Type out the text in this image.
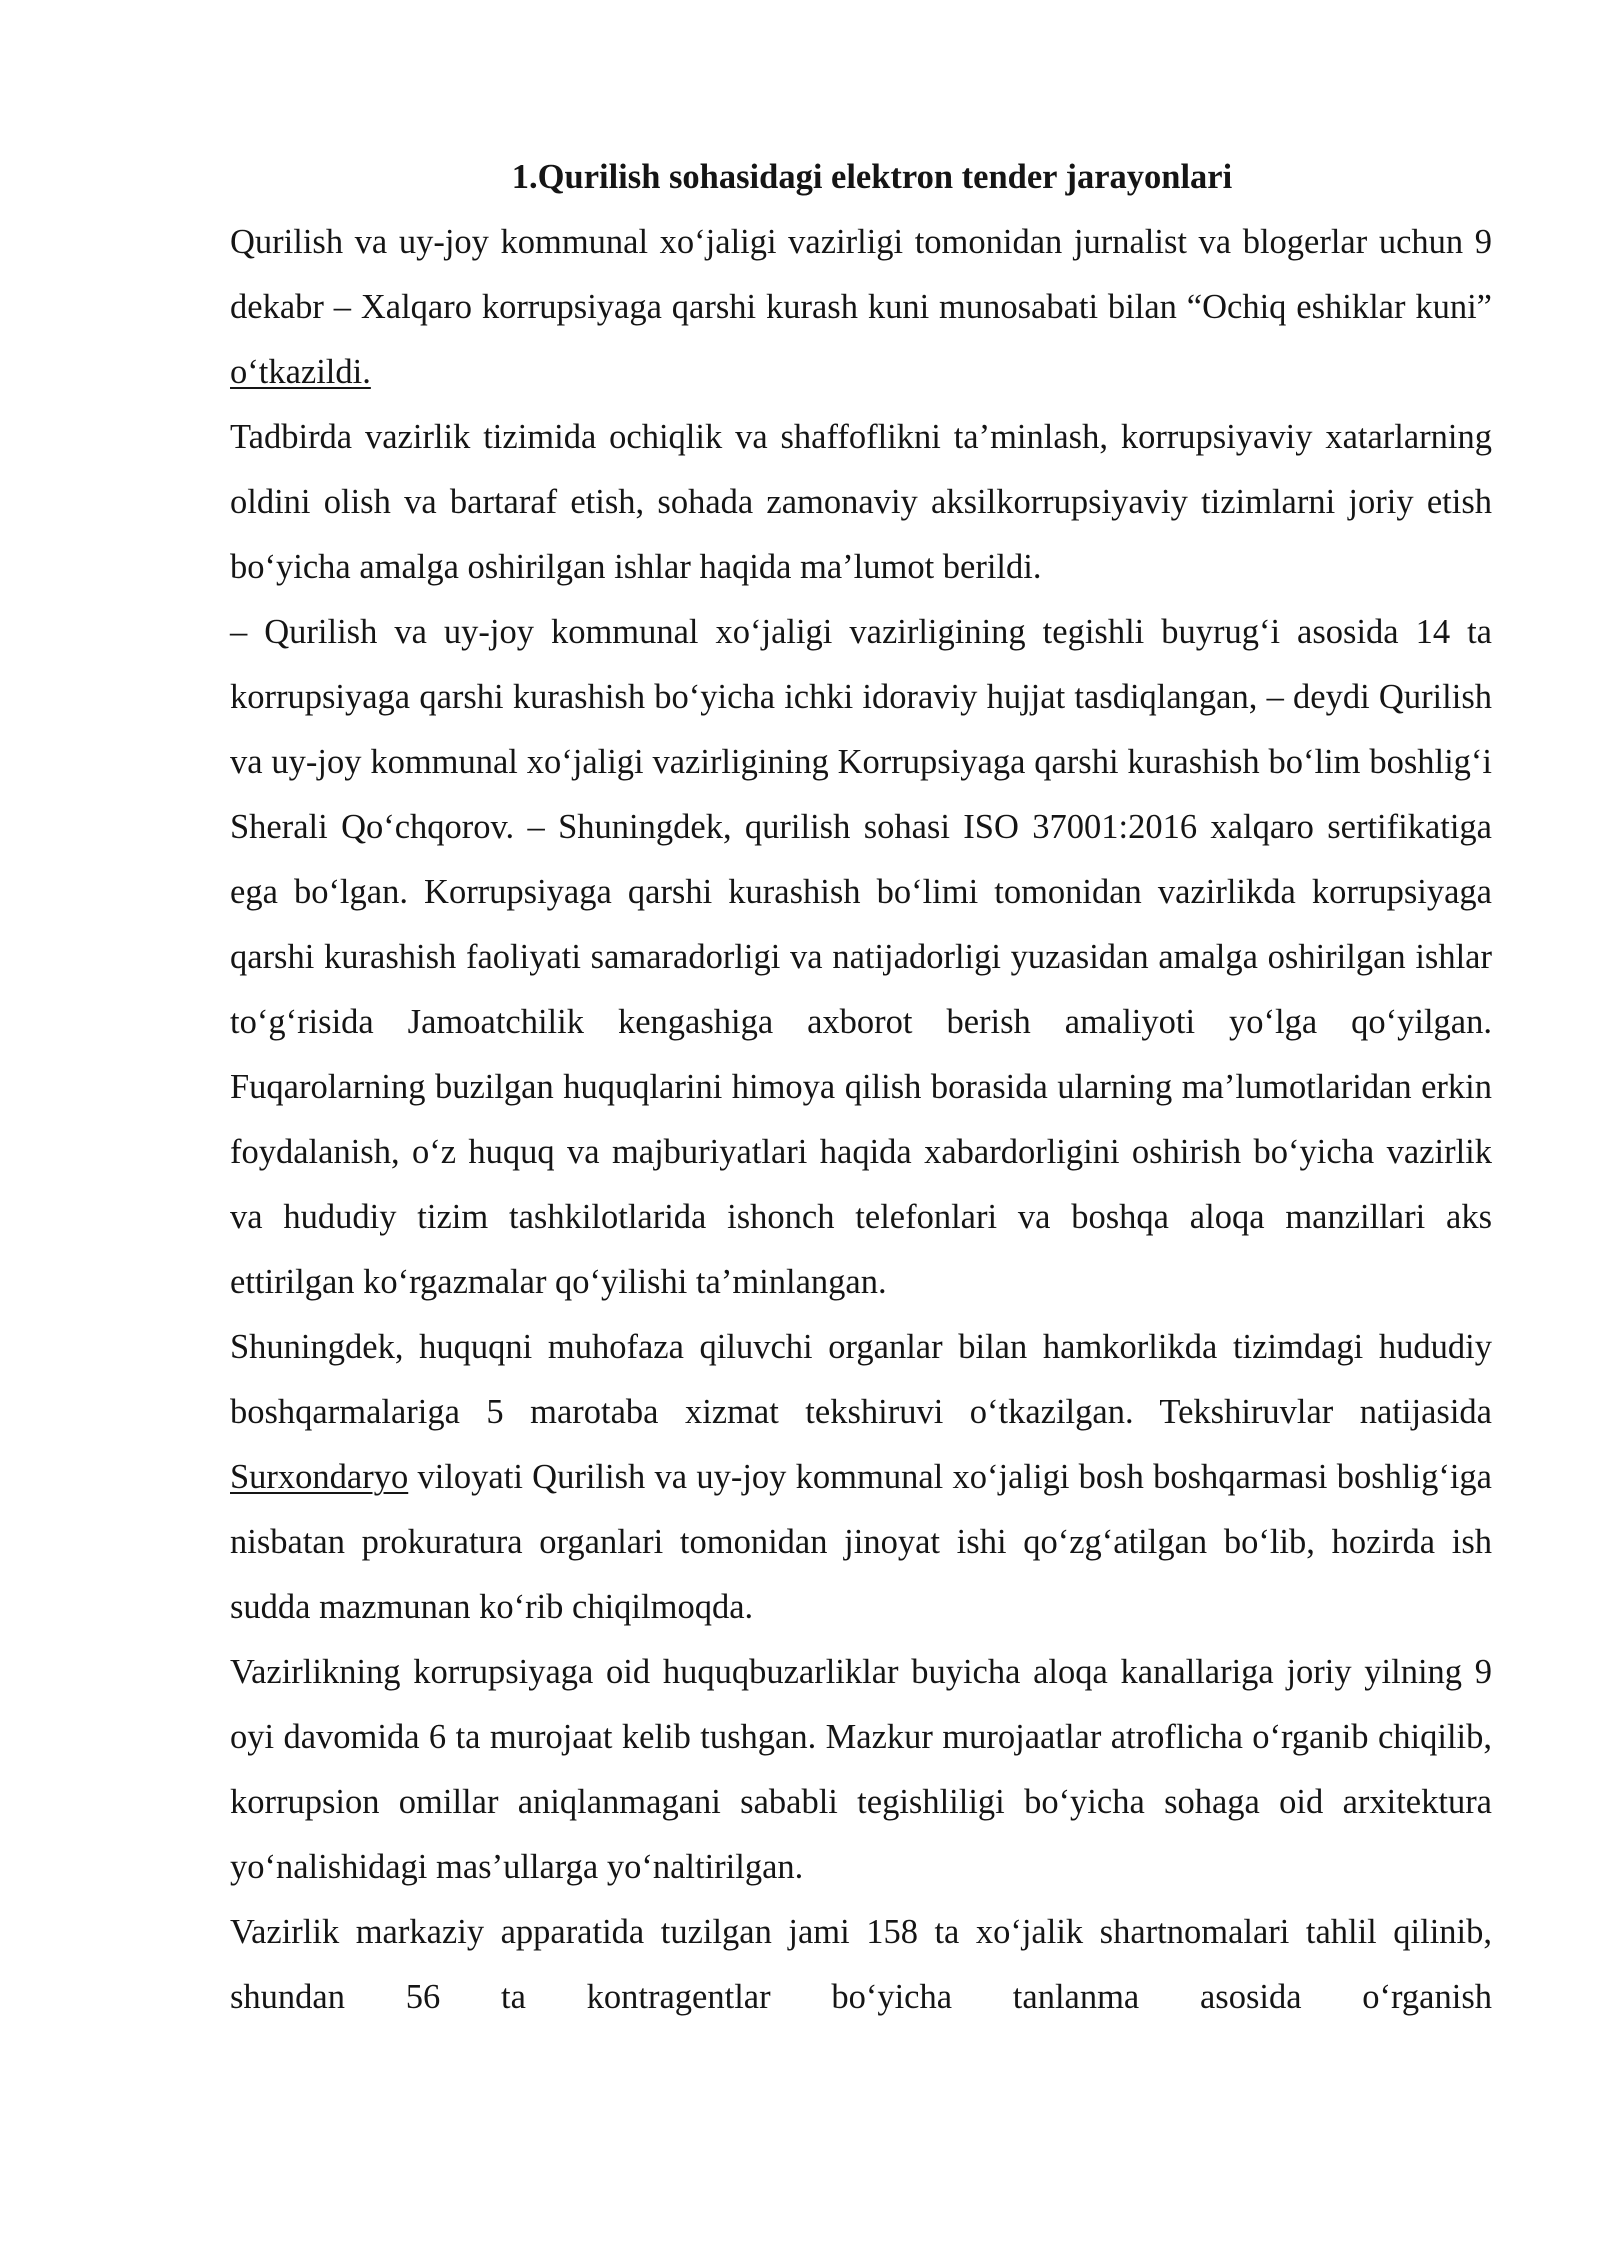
1.Qurilish sohasidagi elektron tender jarayonlari

Qurilish va uy-joy kommunal xo‘jaligi vazirligi tomonidan jurnalist va blogerlar uchun 9 dekabr – Xalqaro korrupsiyaga qarshi kurash kuni munosabati bilan “Ochiq eshiklar kuni” o‘tkazildi.

Tadbirda vazirlik tizimida ochiqlik va shaffoflikni ta’minlash, korrupsiyaviy xatarlarning oldini olish va bartaraf etish, sohada zamonaviy aksilkorrupsiyaviy tizimlarni joriy etish bo‘yicha amalga oshirilgan ishlar haqida ma’lumot berildi.

– Qurilish va uy-joy kommunal xo‘jaligi vazirligining tegishli buyrug‘i asosida 14 ta korrupsiyaga qarshi kurashish bo‘yicha ichki idoraviy hujjat tasdiqlangan, – deydi Qurilish va uy-joy kommunal xo‘jaligi vazirligining Korrupsiyaga qarshi kurashish bo‘lim boshlig‘i Sherali Qo‘chqorov. – Shuningdek, qurilish sohasi ISO 37001:2016 xalqaro sertifikatiga ega bo‘lgan. Korrupsiyaga qarshi kurashish bo‘limi tomonidan vazirlikda korrupsiyaga qarshi kurashish faoliyati samaradorligi va natijadorligi yuzasidan amalga oshirilgan ishlar to‘g‘risida Jamoatchilik kengashiga axborot berish amaliyoti yo‘lga qo‘yilgan. Fuqarolarning buzilgan huquqlarini himoya qilish borasida ularning ma’lumotlaridan erkin foydalanish, o‘z huquq va majburiyatlari haqida xabardorligini oshirish bo‘yicha vazirlik va hududiy tizim tashkilotlarida ishonch telefonlari va boshqa aloqa manzillari aks ettirilgan ko‘rgazmalar qo‘yilishi ta’minlangan.

Shuningdek, huquqni muhofaza qiluvchi organlar bilan hamkorlikda tizimdagi hududiy boshqarmalariga 5 marotaba xizmat tekshiruvi o‘tkazilgan. Tekshiruvlar natijasida Surxondaryo viloyati Qurilish va uy-joy kommunal xo‘jaligi bosh boshqarmasi boshlig‘iga nisbatan prokuratura organlari tomonidan jinoyat ishi qo‘zg‘atilgan bo‘lib, hozirda ish sudda mazmunan ko‘rib chiqilmoqda.

Vazirlikning korrupsiyaga oid huquqbuzarliklar buyicha aloqa kanallariga joriy yilning 9 oyi davomida 6 ta murojaat kelib tushgan. Mazkur murojaatlar atroflicha o‘rganib chiqilib, korrupsion omillar aniqlanmagani sababli tegishliligi bo‘yicha sohaga oid arxitektura yo‘nalishidagi mas’ullarga yo‘naltirilgan.

Vazirlik markaziy apparatida tuzilgan jami 158 ta xo‘jalik shartnomalari tahlil qilinib, shundan 56 ta kontragentlar bo‘yicha tanlanma asosida o‘rganish
